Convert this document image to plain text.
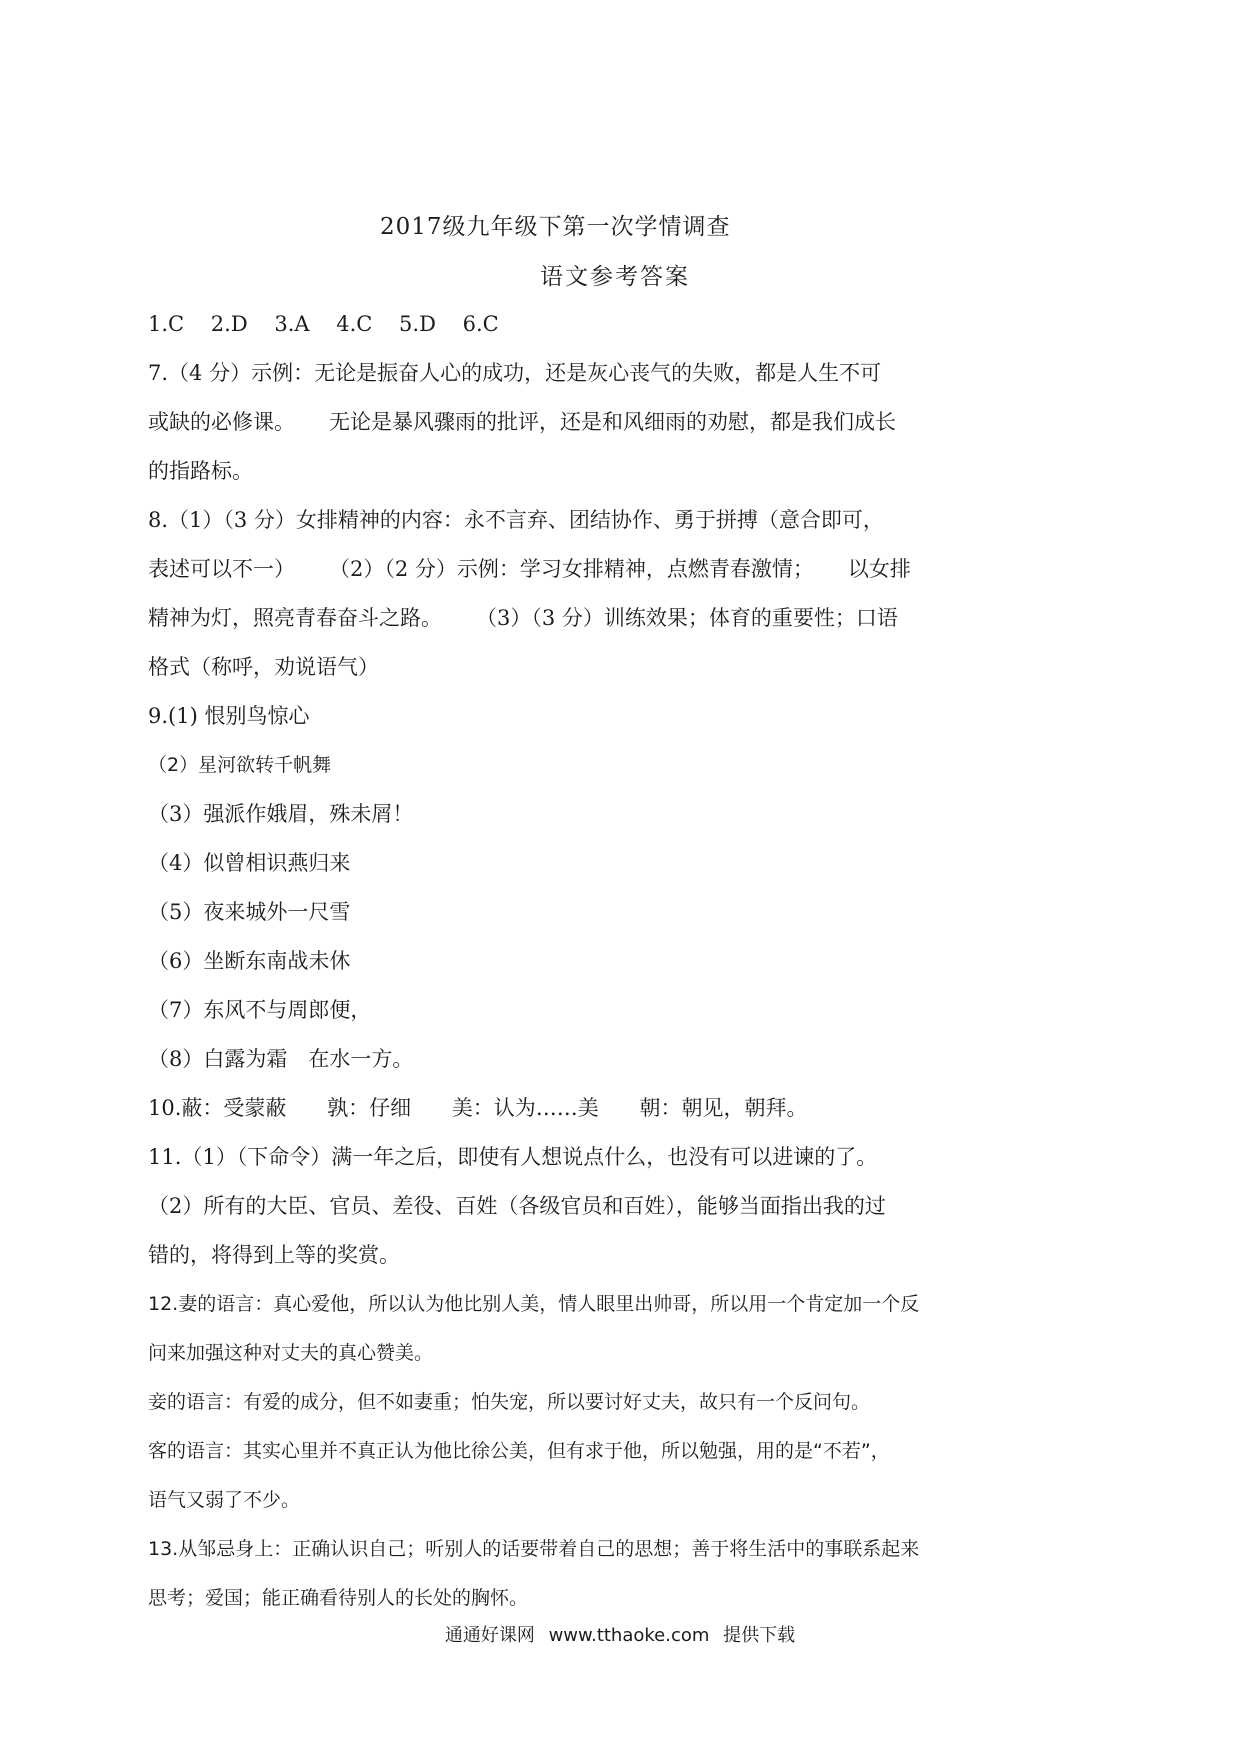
2017级九年级下第一次学情调查
语文参考答案
1.C 2.D 3.A 4.C 5.D 6.C
7.（4 分）示例：无论是振奋人心的成功，还是灰心丧气的失败，都是人生不可
或缺的必修课。 无论是暴风骤雨的批评，还是和风细雨的劝慰，都是我们成长
的指路标。
8.（1）（3 分）女排精神的内容：永不言弃、团结协作、勇于拼搏（意合即可，
表述可以不一） （2）（2 分）示例：学习女排精神，点燃青春激情； 以女排
精神为灯，照亮青春奋斗之路。 （3）（3 分）训练效果；体育的重要性；口语
格式（称呼，劝说语气）
9.(1) 恨别鸟惊心
（2）星河欲转千帆舞
（3）强派作娥眉，殊未屑！
（4）似曾相识燕归来
（5）夜来城外一尺雪
（6）坐断东南战未休
（7）东风不与周郎便，
（8）白露为霜　在水一方。
10.蔽：受蒙蔽 孰：仔细 美：认为……美 朝：朝见，朝拜。
11.（1）（下命令）满一年之后，即使有人想说点什么，也没有可以进谏的了。
（2）所有的大臣、官员、差役、百姓（各级官员和百姓），能够当面指出我的过
错的，将得到上等的奖赏。
12.妻的语言：真心爱他，所以认为他比别人美，情人眼里出帅哥，所以用一个肯定加一个反
问来加强这种对丈夫的真心赞美。
妾的语言：有爱的成分，但不如妻重；怕失宠，所以要讨好丈夫，故只有一个反问句。
客的语言：其实心里并不真正认为他比徐公美，但有求于他，所以勉强，用的是“不若”，
语气又弱了不少。
13.从邹忌身上：正确认识自己；听别人的话要带着自己的思想；善于将生活中的事联系起来
思考；爱国；能正确看待别人的长处的胸怀。
通通好课网 www.tthaoke.com 提供下载
